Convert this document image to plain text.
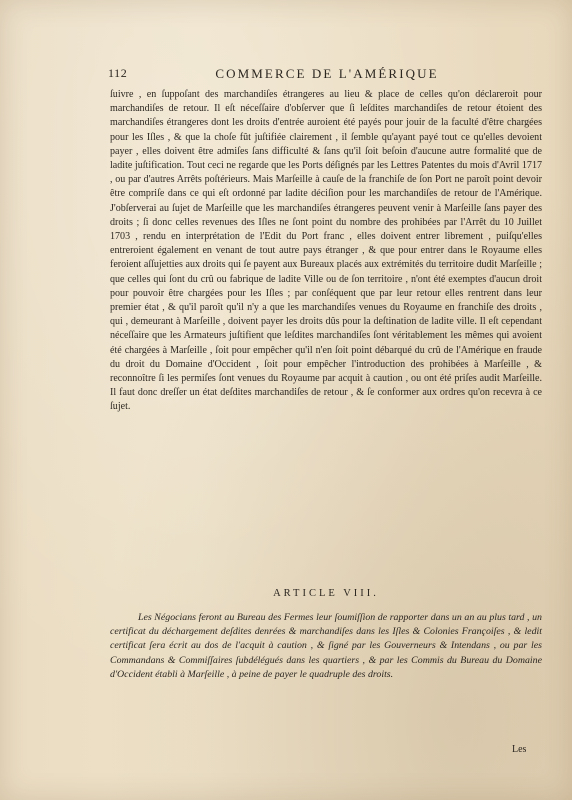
112	COMMERCE DE L'AMÉRIQUE

ſuivre , en ſuppoſant des marchandiſes étrangeres au lieu & place de celles qu'on déclareroit pour marchandiſes de retour. Il eſt néceſſaire d'obſerver que ſi leſdites marchandiſes de retour étoient des marchandiſes étrangeres dont les droits d'entrée auroient été payés pour jouir de la faculté d'être chargées pour les Iſles , & que la choſe fût juſtifiée clairement , il ſemble qu'ayant payé tout ce qu'elles devoient payer , elles doivent être admiſes ſans difficulté & ſans qu'il ſoit beſoin d'aucune autre formalité que de ladite juſtification. Tout ceci ne regarde que les Ports déſignés par les Lettres Patentes du mois d'Avril 1717 , ou par d'autres Arrêts poſtérieurs. Mais Marſeille à cauſe de la franchiſe de ſon Port ne paroît point devoir être compriſe dans ce qui eſt ordonné par ladite déciſion pour les marchandiſes de retour de l'Amérique. J'obſerverai au ſujet de Marſeille que les marchandiſes étrangeres peuvent venir à Marſeille ſans payer des droits ; ſi donc celles revenues des Iſles ne ſont point du nombre des prohibées par l'Arrêt du 10 Juillet 1703 , rendu en interprétation de l'Edit du Port franc , elles doivent entrer librement , puiſqu'elles entreroient également en venant de tout autre pays étranger , & que pour entrer dans le Royaume elles feroient aſſujetties aux droits qui ſe payent aux Bureaux placés aux extrémités du territoire dudit Marſeille ; que celles qui ſont du crû ou fabrique de ladite Ville ou de ſon territoire , n'ont été exemptes d'aucun droit pour pouvoir être chargées pour les Iſles ; par conſéquent que par leur retour elles rentrent dans leur premier état , & qu'il paroît qu'il n'y a que les marchandiſes venues du Royaume en franchiſe des droits , qui , demeurant à Marſeille , doivent payer les droits dûs pour la deſtination de ladite ville. Il eſt cependant néceſſaire que les Armateurs juſtifient que leſdites marchandiſes ſont véritablement les mêmes qui avoient été chargées à Marſeille , ſoit pour empêcher qu'il n'en ſoit point débarqué du crû de l'Amérique en fraude du droit du Domaine d'Occident , ſoit pour empêcher l'introduction des prohibées à Marſeille , & reconnoître ſi les permiſes ſont venues du Royaume par acquit à caution , ou ont été priſes audit Marſeille. Il faut donc dreſſer un état deſdites marchandiſes de retour , & ſe conformer aux ordres qu'on recevra à ce ſujet.

ARTICLE VIII.

Les Négocians feront au Bureau des Fermes leur ſoumiſſion de rapporter dans un an au plus tard , un certificat du déchargement deſdites denrées & marchandiſes dans les Iſles & Colonies Françoiſes , & ledit certificat ſera écrit au dos de l'acquit à caution , & ſigné par les Gouverneurs & Intendans , ou par les Commandans & Commiſſaires ſubdélégués dans les quartiers , & par les Commis du Bureau du Domaine d'Occident établi à Marſeille , à peine de payer le quadruple des droits.

Les
